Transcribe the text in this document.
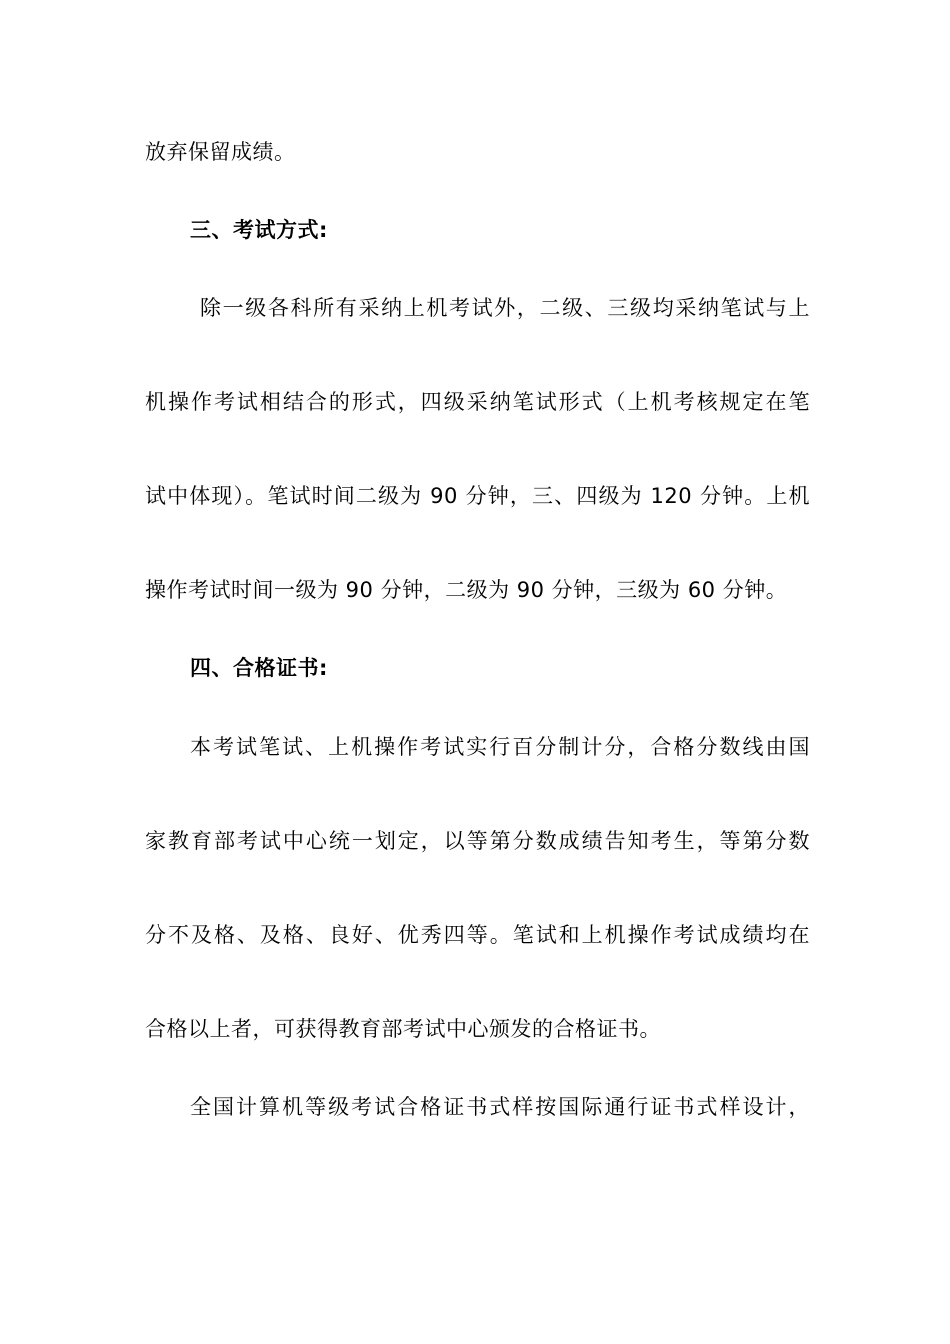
放弃保留成绩。
三、考试方式:
除一级各科所有采纳上机考试外，二级、三级均采纳笔试与上
机操作考试相结合的形式，四级采纳笔试形式（上机考核规定在笔
试中体现）。笔试时间二级为 90 分钟，三、四级为 120 分钟。上机
操作考试时间一级为 90 分钟，二级为 90 分钟，三级为 60 分钟。
四、合格证书:
本考试笔试、上机操作考试实行百分制计分，合格分数线由国
家教育部考试中心统一划定，以等第分数成绩告知考生，等第分数
分不及格、及格、良好、优秀四等。笔试和上机操作考试成绩均在
合格以上者，可获得教育部考试中心颁发的合格证书。
全国计算机等级考试合格证书式样按国际通行证书式样设计，
